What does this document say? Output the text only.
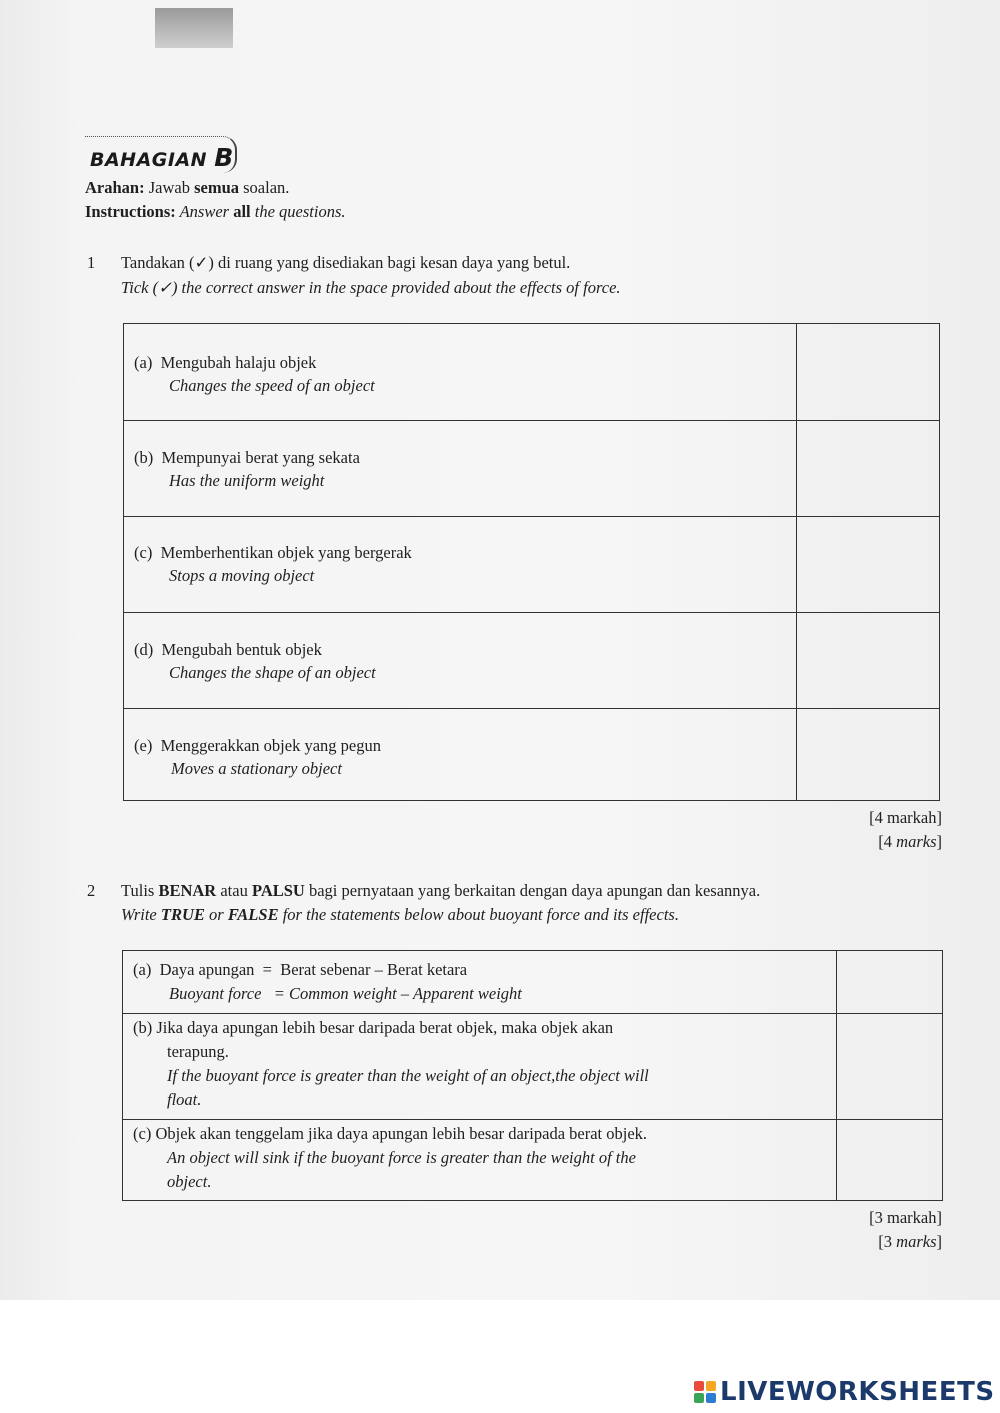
BAHAGIAN B
Arahan: Jawab semua soalan.
Instructions: Answer all the questions.
1 Tandakan (✓) di ruang yang disediakan bagi kesan daya yang betul.
Tick (✓) the correct answer in the space provided about the effects of force.
(a) Mengubah halaju objek
Changes the speed of an object
(b) Mempunyai berat yang sekata
Has the uniform weight
(c) Memberhentikan objek yang bergerak
Stops a moving object
(d) Mengubah bentuk objek
Changes the shape of an object
(e) Menggerakkan objek yang pegun
Moves a stationary object
[4 markah]
[4 marks]
2 Tulis BENAR atau PALSU bagi pernyataan yang berkaitan dengan daya apungan dan kesannya.
Write TRUE or FALSE for the statements below about buoyant force and its effects.
(a) Daya apungan  =  Berat sebenar – Berat ketara
Buoyant force   = Common weight – Apparent weight
(b) Jika daya apungan lebih besar daripada berat objek, maka objek akan
terapung.
If the buoyant force is greater than the weight of an object,the object will
float.
(c) Objek akan tenggelam jika daya apungan lebih besar daripada berat objek.
An object will sink if the buoyant force is greater than the weight of the
object.
[3 markah]
[3 marks]
LIVEWORKSHEETS
